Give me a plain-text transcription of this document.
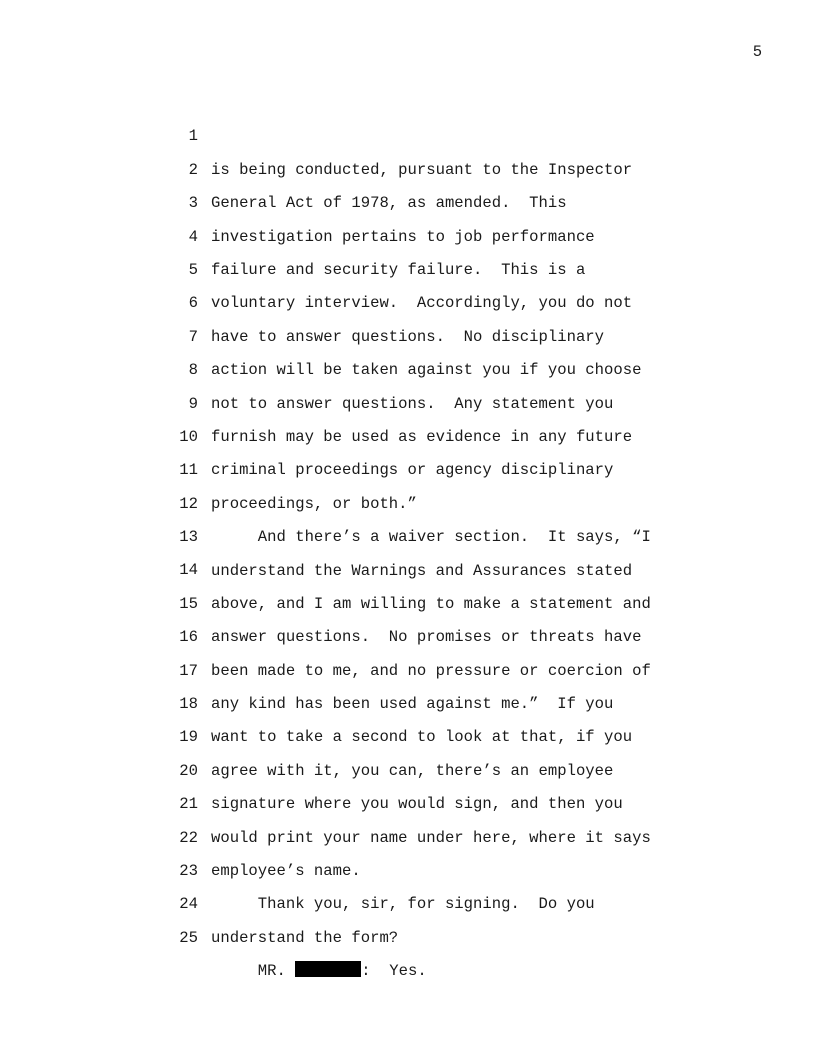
5

1

is being conducted, pursuant to the Inspector

2

General Act of 1978, as amended.  This

3

investigation pertains to job performance

4

failure and security failure.  This is a

5

voluntary interview.  Accordingly, you do not

6

have to answer questions.  No disciplinary

7

action will be taken against you if you choose

8

not to answer questions.  Any statement you

9

furnish may be used as evidence in any future

10

criminal proceedings or agency disciplinary

11

proceedings, or both.”

12

And there’s a waiver section.  It says, “I

13

understand the Warnings and Assurances stated

14

above, and I am willing to make a statement and

15

answer questions.  No promises or threats have

16

been made to me, and no pressure or coercion of

17

any kind has been used against me.”  If you

18

want to take a second to look at that, if you

19

agree with it, you can, there’s an employee

20

signature where you would sign, and then you

21

would print your name under here, where it says

22

employee’s name.

23

Thank you, sir, for signing.  Do you

24

understand the form?

25

MR.	:  Yes.
